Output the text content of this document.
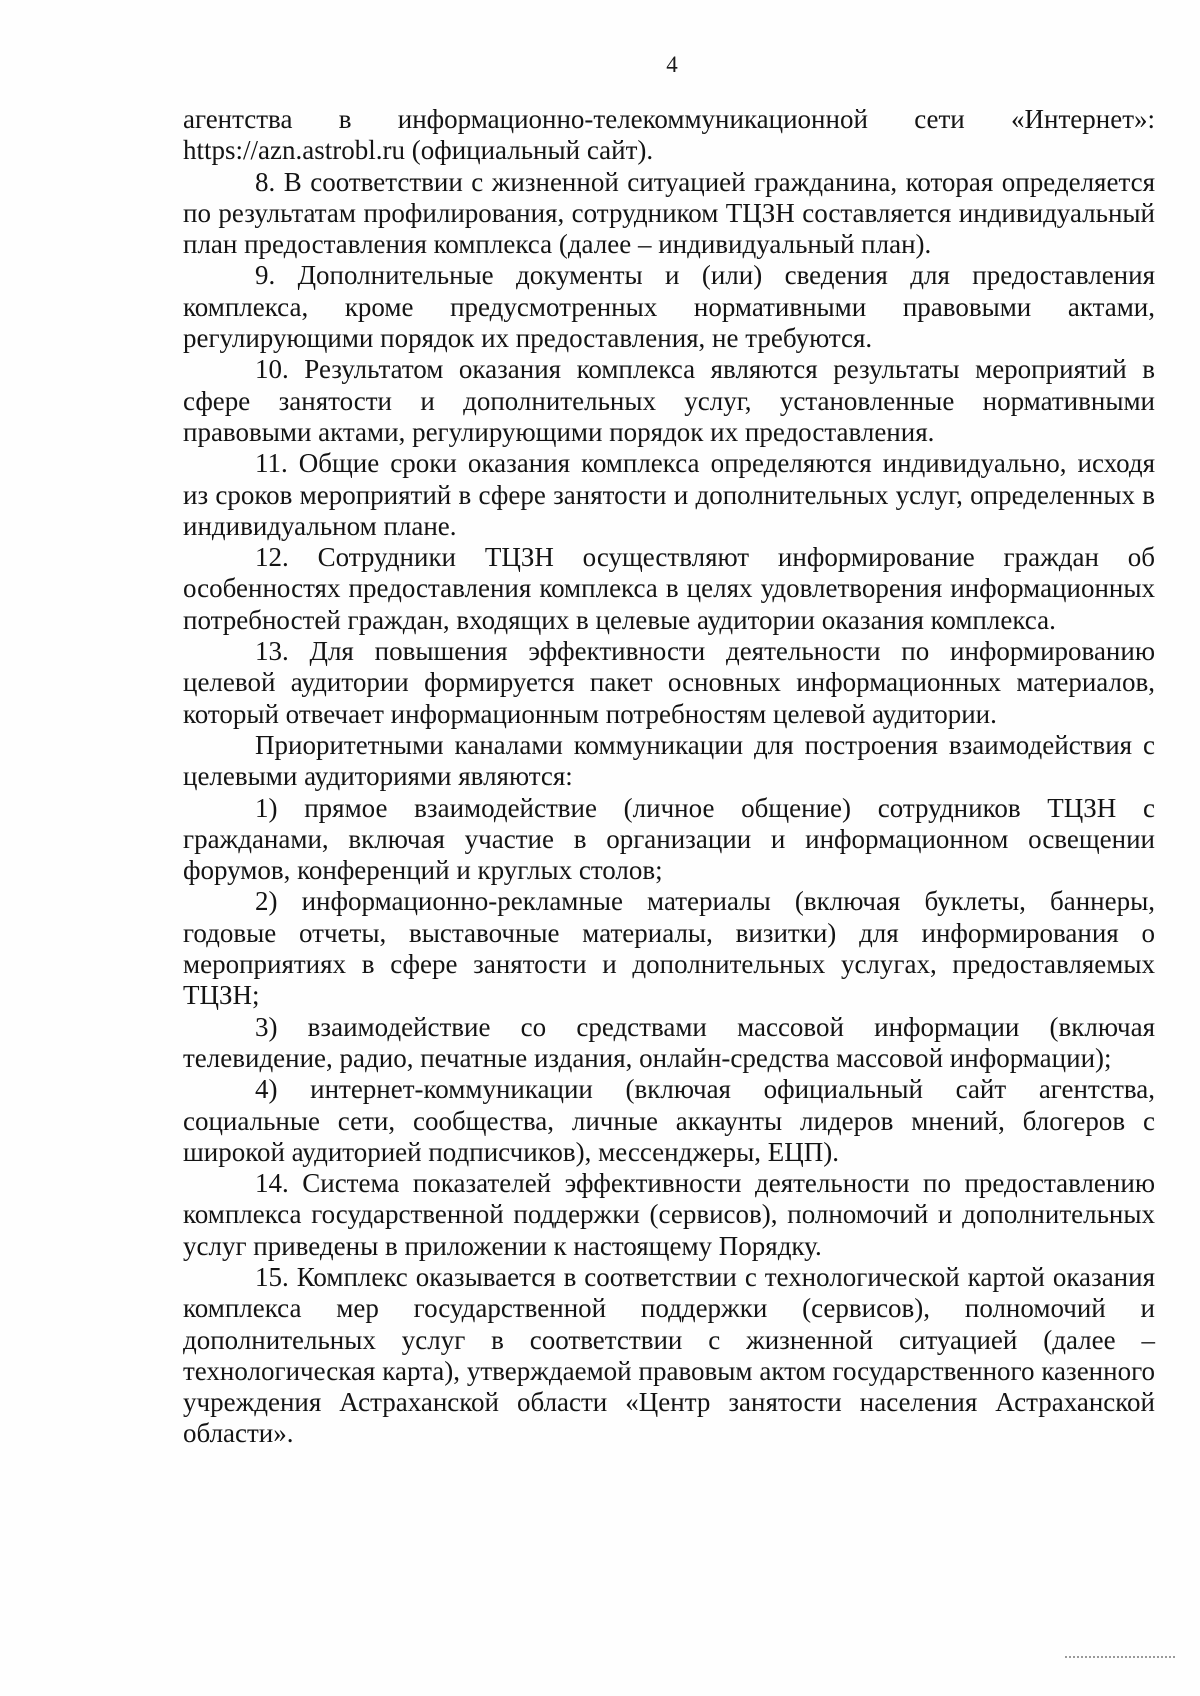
4

агентства в информационно-телекоммуникационной сети «Интернет»: https://azn.astrobl.ru (официальный сайт).

8. В соответствии с жизненной ситуацией гражданина, которая определяется по результатам профилирования, сотрудником ТЦЗН составляется индивидуальный план предоставления комплекса (далее – индивидуальный план).

9. Дополнительные документы и (или) сведения для предоставления комплекса, кроме предусмотренных нормативными правовыми актами, регулирующими порядок их предоставления, не требуются.

10. Результатом оказания комплекса являются результаты мероприятий в сфере занятости и дополнительных услуг, установленные нормативными правовыми актами, регулирующими порядок их предоставления.

11. Общие сроки оказания комплекса определяются индивидуально, исходя из сроков мероприятий в сфере занятости и дополнительных услуг, определенных в индивидуальном плане.

12. Сотрудники ТЦЗН осуществляют информирование граждан об особенностях предоставления комплекса в целях удовлетворения информационных потребностей граждан, входящих в целевые аудитории оказания комплекса.

13. Для повышения эффективности деятельности по информированию целевой аудитории формируется пакет основных информационных материалов, который отвечает информационным потребностям целевой аудитории.

Приоритетными каналами коммуникации для построения взаимодействия с целевыми аудиториями являются:

1) прямое взаимодействие (личное общение) сотрудников ТЦЗН с гражданами, включая участие в организации и информационном освещении форумов, конференций и круглых столов;

2) информационно-рекламные материалы (включая буклеты, баннеры, годовые отчеты, выставочные материалы, визитки) для информирования о мероприятиях в сфере занятости и дополнительных услугах, предоставляемых ТЦЗН;

3) взаимодействие со средствами массовой информации (включая телевидение, радио, печатные издания, онлайн-средства массовой информации);

4) интернет-коммуникации (включая официальный сайт агентства, социальные сети, сообщества, личные аккаунты лидеров мнений, блогеров с широкой аудиторией подписчиков), мессенджеры, ЕЦП).

14. Система показателей эффективности деятельности по предоставлению комплекса государственной поддержки (сервисов), полномочий и дополнительных услуг приведены в приложении к настоящему Порядку.

15. Комплекс оказывается в соответствии с технологической картой оказания комплекса мер государственной поддержки (сервисов), полномочий и дополнительных услуг в соответствии с жизненной ситуацией (далее – технологическая карта), утверждаемой правовым актом государственного казенного учреждения Астраханской области «Центр занятости населения Астраханской области».
